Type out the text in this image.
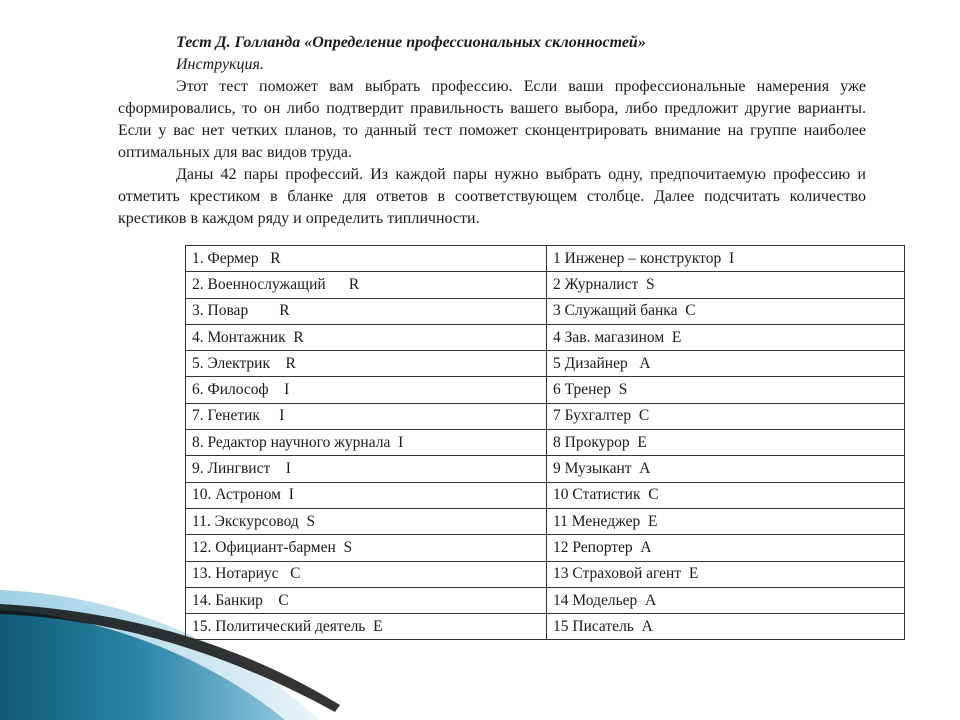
Тест Д. Голланда «Определение профессиональных склонностей»

Инструкция.

Этот тест поможет вам выбрать профессию. Если ваши профессиональные намерения уже сформировались, то он либо подтвердит правильность вашего выбора, либо предложит другие варианты. Если у вас нет четких планов, то данный тест поможет сконцентрировать внимание на группе наиболее оптимальных для вас видов труда.

Даны 42 пары профессий. Из каждой пары нужно выбрать одну, предпочитаемую профессию и отметить крестиком в бланке для ответов в соответствующем столбце. Далее подсчитать количество крестиков в каждом ряду и определить типличности.

1. Фермер   R	1 Инженер – конструктор  I
2. Военнослужащий      R	2 Журналист  S
3. Повар        R	3 Служащий банка  C
4. Монтажник  R	4 Зав. магазином  E
5. Электрик    R	5 Дизайнер   A
6. Философ    I	6 Тренер  S
7. Генетик     I	7 Бухгалтер  C
8. Редактор научного журнала  I	8 Прокурор  E
9. Лингвист    I	9 Музыкант  A
10. Астроном  I	10 Статистик  C
11. Экскурсовод  S	11 Менеджер  E
12. Официант-бармен  S	12 Репортер  A
13. Нотариус   C	13 Страховой агент  E
14. Банкир    C	14 Модельер  A
15. Политический деятель  E	15 Писатель  A
